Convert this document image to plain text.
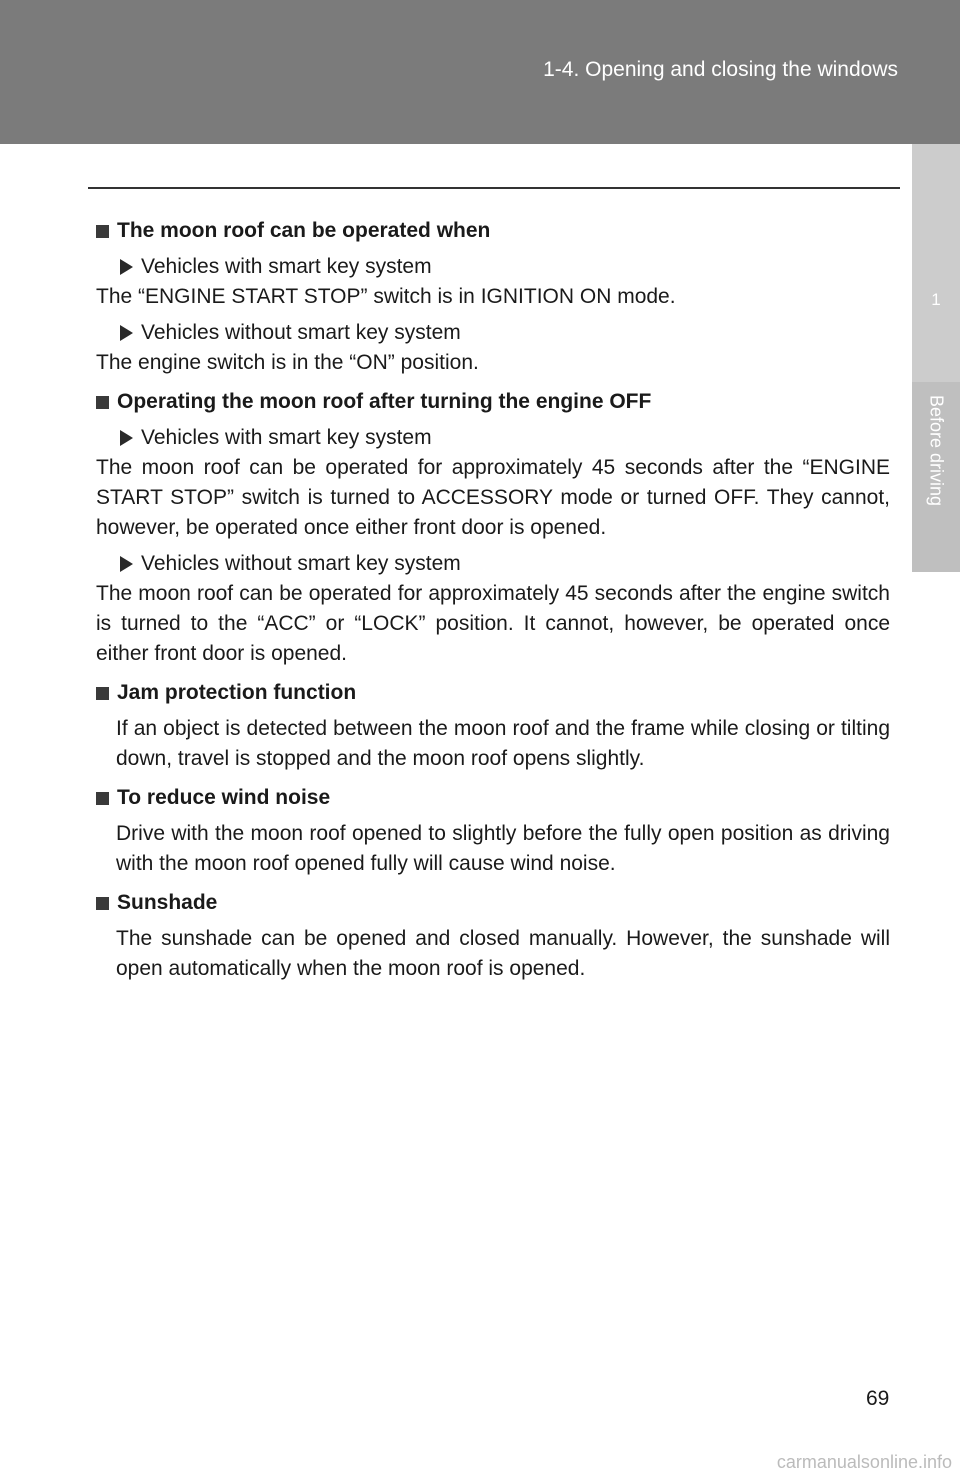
1-4. Opening and closing the windows
1
Before driving
The moon roof can be operated when
Vehicles with smart key system
The “ENGINE START STOP” switch is in IGNITION ON mode.
Vehicles without smart key system
The engine switch is in the “ON” position.
Operating the moon roof after turning the engine OFF
Vehicles with smart key system
The moon roof can be operated for approximately 45 seconds after the “ENGINE START STOP” switch is turned to ACCESSORY mode or turned OFF. They cannot, however, be operated once either front door is opened.
Vehicles without smart key system
The moon roof can be operated for approximately 45 seconds after the engine switch is turned to the “ACC” or “LOCK” position. It cannot, however, be operated once either front door is opened.
Jam protection function
If an object is detected between the moon roof and the frame while closing or tilting down, travel is stopped and the moon roof opens slightly.
To reduce wind noise
Drive with the moon roof opened to slightly before the fully open position as driving with the moon roof opened fully will cause wind noise.
Sunshade
The sunshade can be opened and closed manually. However, the sunshade will open automatically when the moon roof is opened.
69
carmanualsonline.info
